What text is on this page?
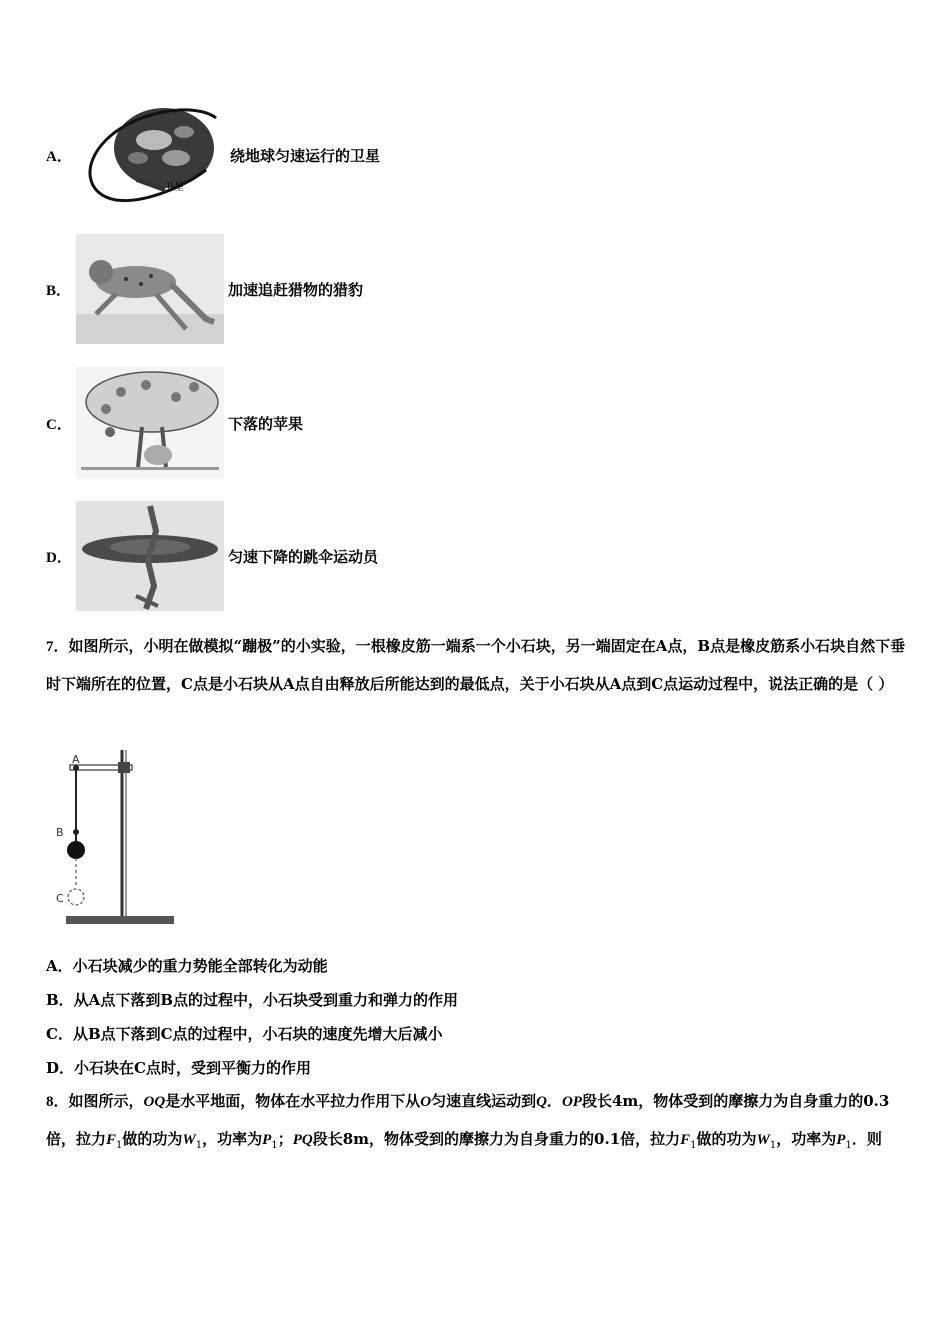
A．
卫星
绕地球匀速运行的卫星
B．	加速追赶猎物的猎豹
C．	下落的苹果
D．	匀速下降的跳伞运动员
7．如图所示，小明在做模拟“蹦极”的小实验，一根橡皮筋一端系一个小石块，另一端固定在A点，B点是橡皮筋系小石块自然下垂时下端所在的位置，C点是小石块从A点自由释放后所能达到的最低点，关于小石块从A点到C点运动过程中，说法正确的是（ ）
A
B
C
A．小石块减少的重力势能全部转化为动能
B．从A点下落到B点的过程中，小石块受到重力和弹力的作用
C．从B点下落到C点的过程中，小石块的速度先增大后减小
D．小石块在C点时，受到平衡力的作用
8．如图所示，OQ是水平地面，物体在水平拉力作用下从O匀速直线运动到Q．OP段长4m，物体受到的摩擦力为自身重力的0.3倍，拉力$F_1$做的功为$W_1$，功率为$P_1$；PQ段长8m，物体受到的摩擦力为自身重力的0.1倍，拉力$F_1$做的功为$W_1$，功率为$P_1$．则
